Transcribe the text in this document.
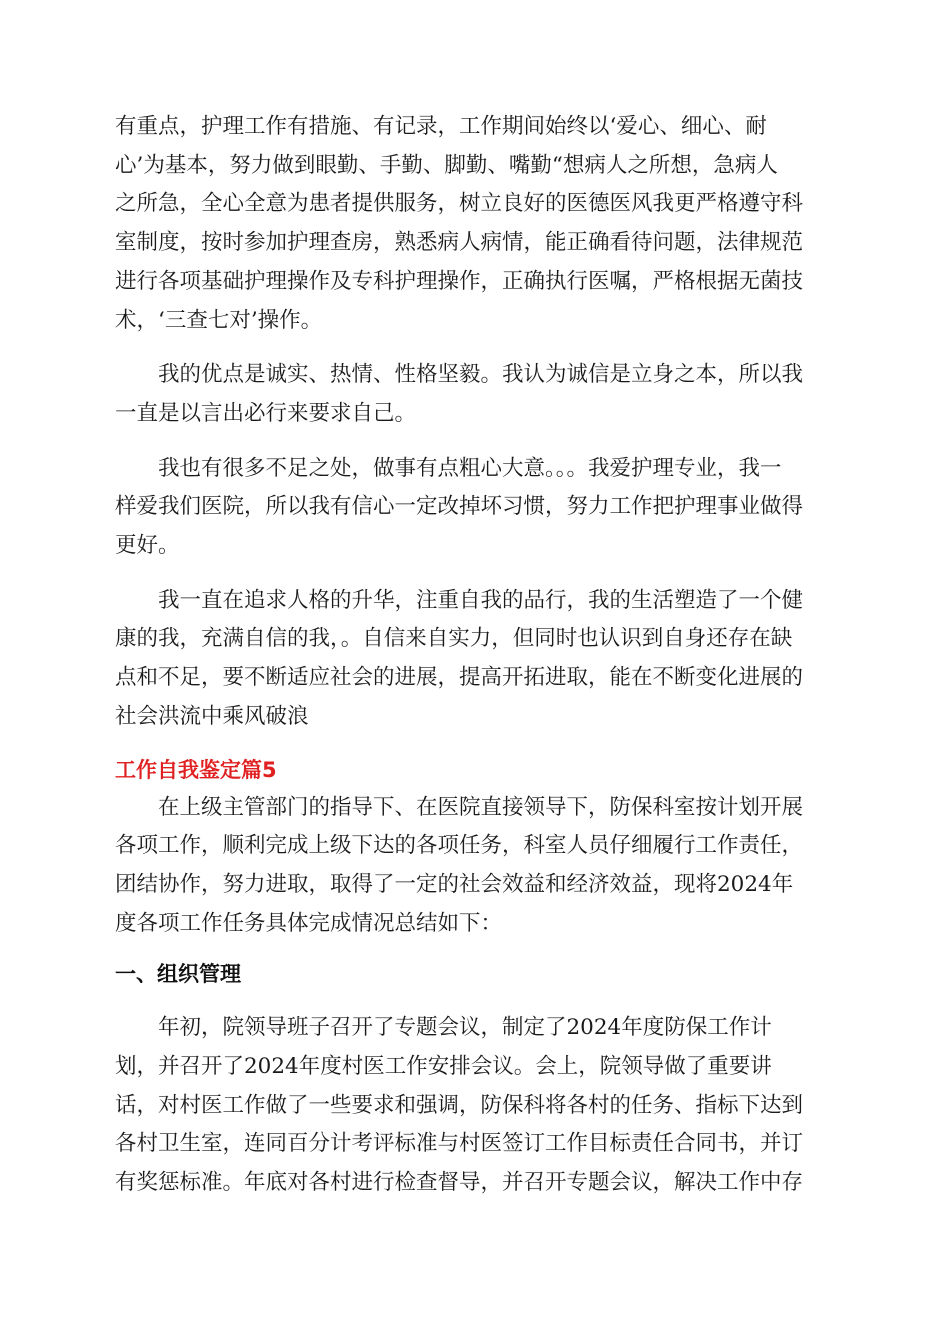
有重点，护理工作有措施、有记录，工作期间始终以‘爱心、细心、耐
心’为基本，努力做到眼勤、手勤、脚勤、嘴勤“想病人之所想，急病人
之所急，全心全意为患者提供服务，树立良好的医德医风我更严格遵守科
室制度，按时参加护理查房，熟悉病人病情，能正确看待问题，法律规范
进行各项基础护理操作及专科护理操作，正确执行医嘱，严格根据无菌技
术，‘三查七对’操作。
我的优点是诚实、热情、性格坚毅。我认为诚信是立身之本，所以我
一直是以言出必行来要求自己。
我也有很多不足之处，做事有点粗心大意。。。我爱护理专业，我一
样爱我们医院，所以我有信心一定改掉坏习惯，努力工作把护理事业做得
更好。
我一直在追求人格的升华，注重自我的品行，我的生活塑造了一个健
康的我，充满自信的我，。自信来自实力，但同时也认识到自身还存在缺
点和不足，要不断适应社会的进展，提高开拓进取，能在不断变化进展的
社会洪流中乘风破浪
工作自我鉴定篇5
在上级主管部门的指导下、在医院直接领导下，防保科室按计划开展
各项工作，顺利完成上级下达的各项任务，科室人员仔细履行工作责任，
团结协作，努力进取，取得了一定的社会效益和经济效益，现将2024年
度各项工作任务具体完成情况总结如下：
一、组织管理
年初，院领导班子召开了专题会议，制定了2024年度防保工作计
划，并召开了2024年度村医工作安排会议。会上，院领导做了重要讲
话，对村医工作做了一些要求和强调，防保科将各村的任务、指标下达到
各村卫生室，连同百分计考评标准与村医签订工作目标责任合同书，并订
有奖惩标准。年底对各村进行检查督导，并召开专题会议，解决工作中存
